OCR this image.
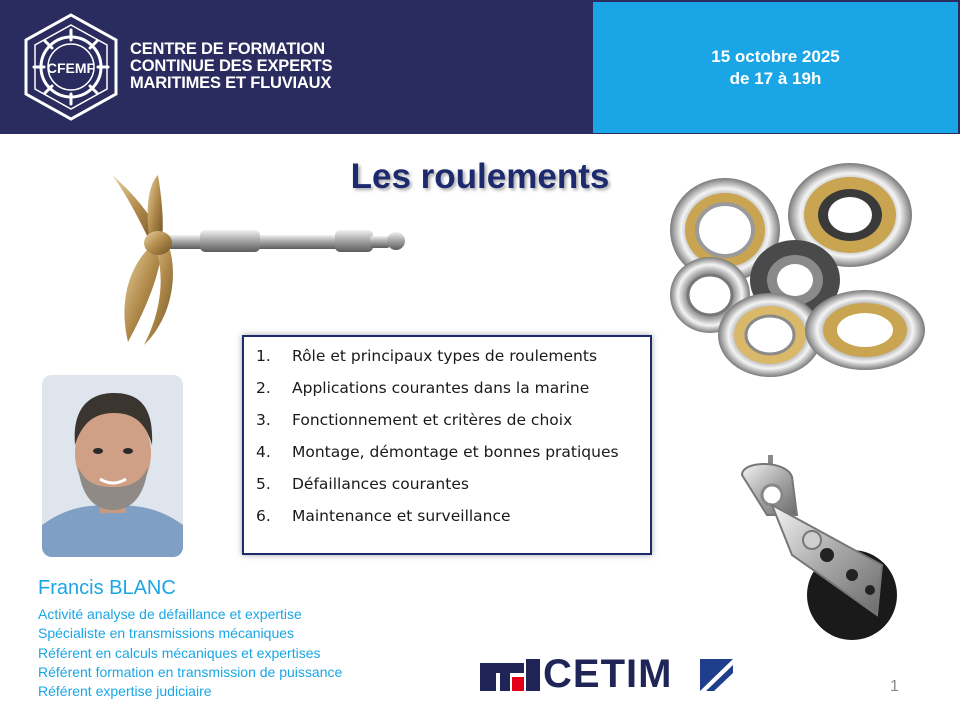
CFEMF
CENTRE DE FORMATION
CONTINUE DES EXPERTS
MARITIMES ET FLUVIAUX
15 octobre 2025
de 17 à 19h
Les roulements
1.	Rôle et principaux types de roulements
2.	Applications courantes dans la marine
3.	Fonctionnement et critères de choix
4.	Montage, démontage et bonnes pratiques
5.	Défaillances courantes
6.	Maintenance et surveillance
Francis BLANC
Activité analyse de défaillance et expertise
Spécialiste en transmissions mécaniques
Référent en calculs mécaniques et expertises
Référent formation en transmission de puissance
Référent expertise judiciaire	CETIM	1
